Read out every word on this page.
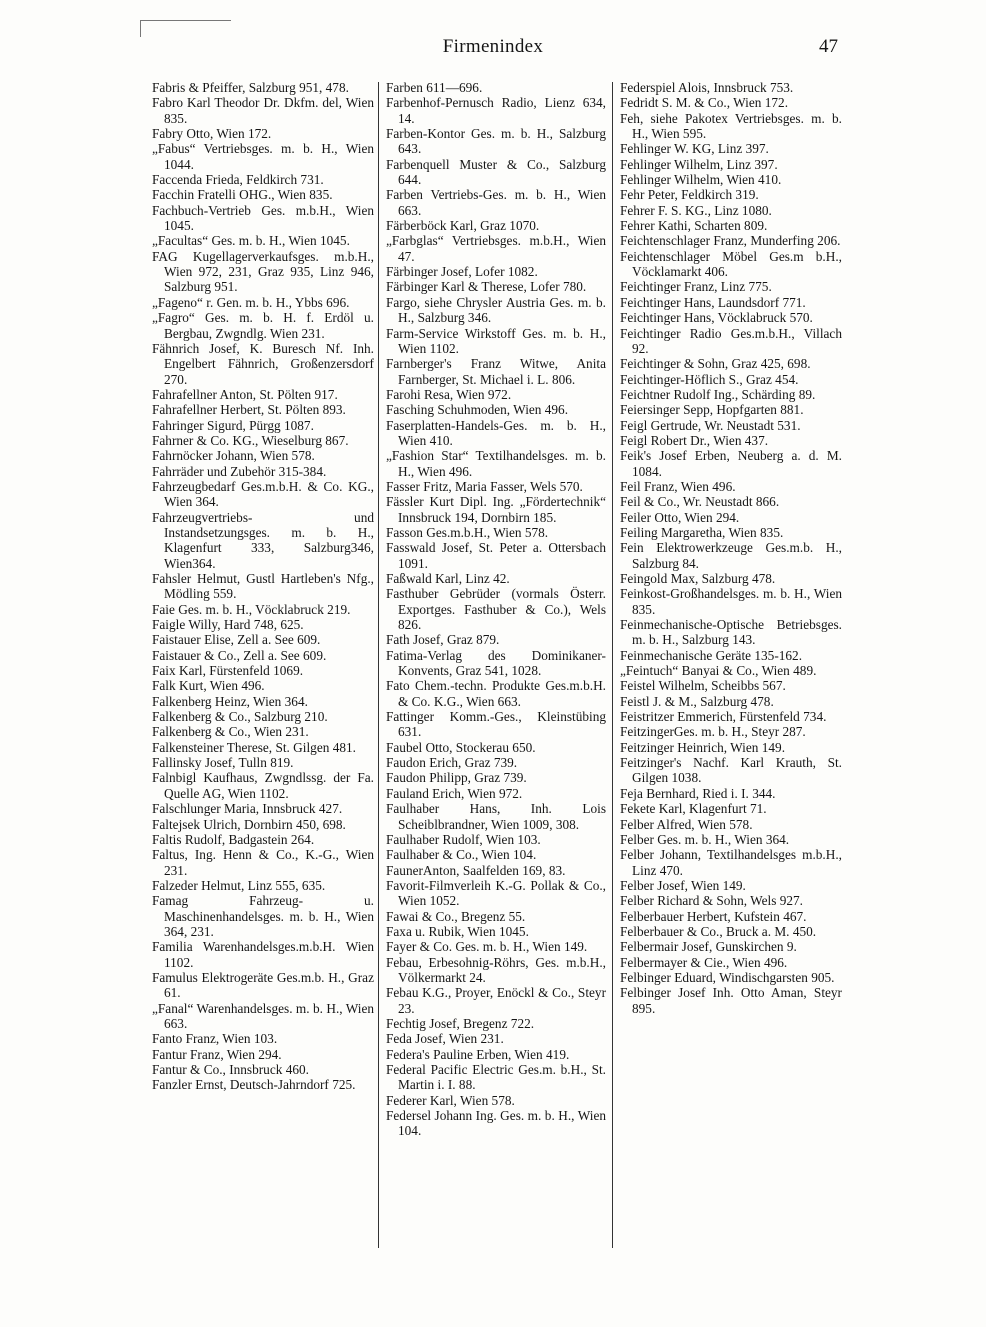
Firmenindex	47

Fabris & Pfeiffer, Salzburg 951, 478.

Fabro Karl Theodor Dr. Dkfm. del, Wien 835.

Fabry Otto, Wien 172.

„Fabus“ Vertriebsges. m. b. H., Wien 1044.

Faccenda Frieda, Feldkirch 731.

Facchin Fratelli OHG., Wien 835.

Fachbuch-Vertrieb Ges. m.b.H., Wien 1045.

„Facultas“ Ges. m. b. H., Wien 1045.

FAG Kugellagerverkaufsges. m.b.H., Wien 972, 231, Graz 935, Linz 946, Salzburg 951.

„Fageno“ r. Gen. m. b. H., Ybbs 696.

„Fagro“ Ges. m. b. H. f. Erdöl u. Bergbau, Zwgndlg. Wien 231.

Fähnrich Josef, K. Buresch Nf. Inh. Engelbert Fähnrich, Großenzersdorf 270.

Fahrafellner Anton, St. Pölten 917.

Fahrafellner Herbert, St. Pölten 893.

Fahringer Sigurd, Pürgg 1087.

Fahrner & Co. KG., Wieselburg 867.

Fahrnöcker Johann, Wien 578.

Fahrräder und Zubehör 315-384.

Fahrzeugbedarf Ges.m.b.H. & Co. KG., Wien 364.

Fahrzeugvertriebs- und Instandsetzungsges. m. b. H., Klagenfurt 333, Salzburg346, Wien364.

Fahsler Helmut, Gustl Hartleben's Nfg., Mödling 559.

Faie Ges. m. b. H., Vöcklabruck 219.

Faigle Willy, Hard 748, 625.

Faistauer Elise, Zell a. See 609.

Faistauer & Co., Zell a. See 609.

Faix Karl, Fürstenfeld 1069.

Falk Kurt, Wien 496.

Falkenberg Heinz, Wien 364.

Falkenberg & Co., Salzburg 210.

Falkenberg & Co., Wien 231.

Falkensteiner Therese, St. Gilgen 481.

Fallinsky Josef, Tulln 819.

Falnbigl Kaufhaus, Zwgndlssg. der Fa. Quelle AG, Wien 1102.

Falschlunger Maria, Innsbruck 427.

Faltejsek Ulrich, Dornbirn 450, 698.

Faltis Rudolf, Badgastein 264.

Faltus, Ing. Henn & Co., K.-G., Wien 231.

Falzeder Helmut, Linz 555, 635.

Famag Fahrzeug- u. Maschinenhandelsges. m. b. H., Wien 364, 231.

Familia Warenhandelsges.m.b.H. Wien 1102.

Famulus Elektrogeräte Ges.m.b. H., Graz 61.

„Fanal“ Warenhandelsges. m. b. H., Wien 663.

Fanto Franz, Wien 103.

Fantur Franz, Wien 294.

Fantur & Co., Innsbruck 460.

Fanzler Ernst, Deutsch-Jahrndorf 725.

Farben 611—696.

Farbenhof-Pernusch Radio, Lienz 634, 14.

Farben-Kontor Ges. m. b. H., Salzburg 643.

Farbenquell Muster & Co., Salzburg 644.

Farben Vertriebs-Ges. m. b. H., Wien 663.

Färberböck Karl, Graz 1070.

„Farbglas“ Vertriebsges. m.b.H., Wien 47.

Färbinger Josef, Lofer 1082.

Färbinger Karl & Therese, Lofer 780.

Fargo, siehe Chrysler Austria Ges. m. b. H., Salzburg 346.

Farm-Service Wirkstoff Ges. m. b. H., Wien 1102.

Farnberger's Franz Witwe, Anita Farnberger, St. Michael i. L. 806.

Farohi Resa, Wien 972.

Fasching Schuhmoden, Wien 496.

Faserplatten-Handels-Ges. m. b. H., Wien 410.

„Fashion Star“ Textilhandelsges. m. b. H., Wien 496.

Fasser Fritz, Maria Fasser, Wels 570.

Fässler Kurt Dipl. Ing. „Fördertechnik“ Innsbruck 194, Dornbirn 185.

Fasson Ges.m.b.H., Wien 578.

Fasswald Josef, St. Peter a. Ottersbach 1091.

Faßwald Karl, Linz 42.

Fasthuber Gebrüder (vormals Österr. Exportges. Fasthuber & Co.), Wels 826.

Fath Josef, Graz 879.

Fatima-Verlag des Dominikaner-Konvents, Graz 541, 1028.

Fato Chem.-techn. Produkte Ges.m.b.H. & Co. K.G., Wien 663.

Fattinger Komm.-Ges., Kleinstübing 631.

Faubel Otto, Stockerau 650.

Faudon Erich, Graz 739.

Faudon Philipp, Graz 739.

Fauland Erich, Wien 972.

Faulhaber Hans, Inh. Lois Scheiblbrandner, Wien 1009, 308.

Faulhaber Rudolf, Wien 103.

Faulhaber & Co., Wien 104.

FaunerAnton, Saalfelden 169, 83.

Favorit-Filmverleih K.-G. Pollak & Co., Wien 1052.

Fawai & Co., Bregenz 55.

Faxa u. Rubik, Wien 1045.

Fayer & Co. Ges. m. b. H., Wien 149.

Febau, Erbesohnig-Röhrs, Ges. m.b.H., Völkermarkt 24.

Febau K.G., Proyer, Enöckl & Co., Steyr 23.

Fechtig Josef, Bregenz 722.

Feda Josef, Wien 231.

Federa's Pauline Erben, Wien 419.

Federal Pacific Electric Ges.m. b.H., St. Martin i. I. 88.

Federer Karl, Wien 578.

Federsel Johann Ing. Ges. m. b. H., Wien 104.

Federspiel Alois, Innsbruck 753.

Fedridt S. M. & Co., Wien 172.

Feh, siehe Pakotex Vertriebsges. m. b. H., Wien 595.

Fehlinger W. KG, Linz 397.

Fehlinger Wilhelm, Linz 397.

Fehlinger Wilhelm, Wien 410.

Fehr Peter, Feldkirch 319.

Fehrer F. S. KG., Linz 1080.

Fehrer Kathi, Scharten 809.

Feichtenschlager Franz, Munderfing 206.

Feichtenschlager Möbel Ges.m b.H., Vöcklamarkt 406.

Feichtinger Franz, Linz 775.

Feichtinger Hans, Laundsdorf 771.

Feichtinger Hans, Vöcklabruck 570.

Feichtinger Radio Ges.m.b.H., Villach 92.

Feichtinger & Sohn, Graz 425, 698.

Feichtinger-Höflich S., Graz 454.

Feichtner Rudolf Ing., Schärding 89.

Feiersinger Sepp, Hopfgarten 881.

Feigl Gertrude, Wr. Neustadt 531.

Feigl Robert Dr., Wien 437.

Feik's Josef Erben, Neuberg a. d. M. 1084.

Feil Franz, Wien 496.

Feil & Co., Wr. Neustadt 866.

Feiler Otto, Wien 294.

Feiling Margaretha, Wien 835.

Fein Elektrowerkzeuge Ges.m.b. H., Salzburg 84.

Feingold Max, Salzburg 478.

Feinkost-Großhandelsges. m. b. H., Wien 835.

Feinmechanische-Optische Betriebsges. m. b. H., Salzburg 143.

Feinmechanische Geräte 135-162.

„Feintuch“ Banyai & Co., Wien 489.

Feistel Wilhelm, Scheibbs 567.

Feistl J. & M., Salzburg 478.

Feistritzer Emmerich, Fürstenfeld 734.

FeitzingerGes. m. b. H., Steyr 287.

Feitzinger Heinrich, Wien 149.

Feitzinger's Nachf. Karl Krauth, St. Gilgen 1038.

Feja Bernhard, Ried i. I. 344.

Fekete Karl, Klagenfurt 71.

Felber Alfred, Wien 578.

Felber Ges. m. b. H., Wien 364.

Felber Johann, Textilhandelsges m.b.H., Linz 470.

Felber Josef, Wien 149.

Felber Richard & Sohn, Wels 927.

Felberbauer Herbert, Kufstein 467.

Felberbauer & Co., Bruck a. M. 450.

Felbermair Josef, Gunskirchen 9.

Felbermayer & Cie., Wien 496.

Felbinger Eduard, Windischgarsten 905.

Felbinger Josef Inh. Otto Aman, Steyr 895.
